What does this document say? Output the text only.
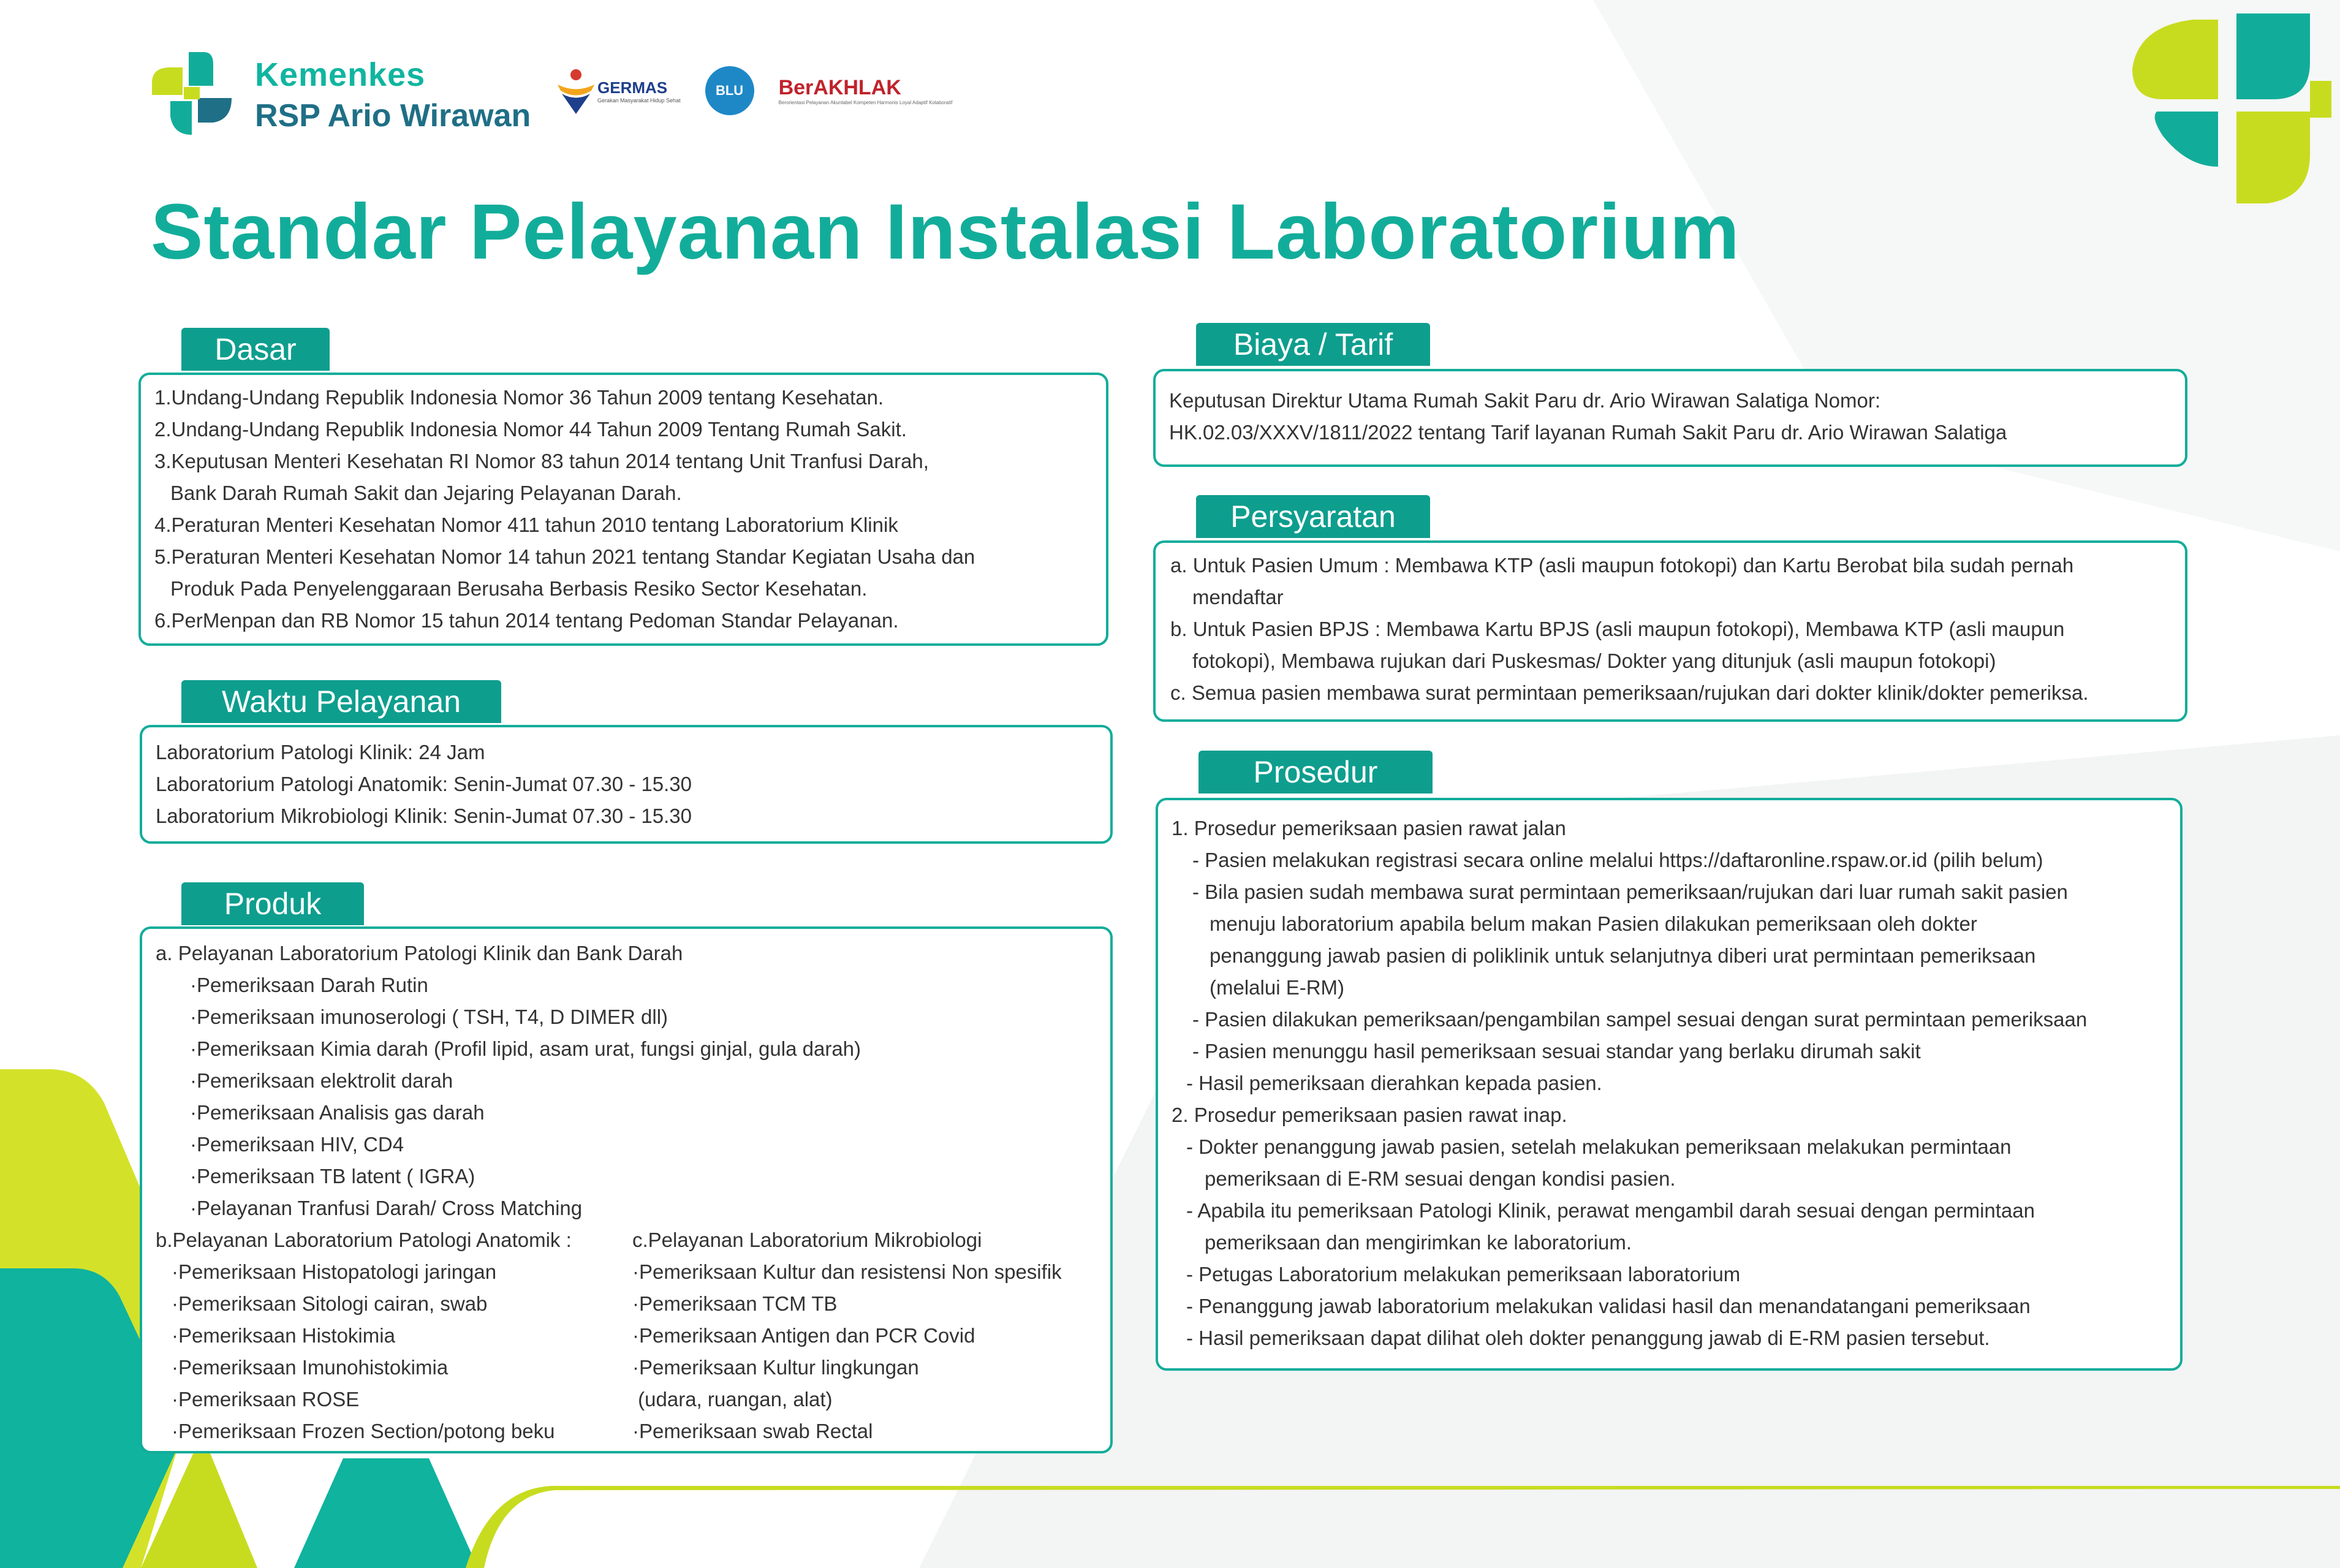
Kemenkes
RSP Ario Wirawan
GERMAS
Gerakan Masyarakat Hidup Sehat
BLU	BerAKHLAK
Berorientasi Pelayanan Akuntabel Kompeten Harmonis Loyal Adaptif Kolaboratif
Standar Pelayanan Instalasi Laboratorium
Dasar
1.Undang-Undang Republik Indonesia Nomor 36 Tahun 2009 tentang Kesehatan.
2.Undang-Undang Republik Indonesia Nomor 44 Tahun 2009 Tentang Rumah Sakit.
3.Keputusan Menteri Kesehatan RI Nomor 83 tahun 2014 tentang Unit Tranfusi Darah,
Bank Darah Rumah Sakit dan Jejaring Pelayanan Darah.
4.Peraturan Menteri Kesehatan Nomor 411 tahun 2010 tentang Laboratorium Klinik
5.Peraturan Menteri Kesehatan Nomor 14 tahun 2021 tentang Standar Kegiatan Usaha dan
Produk Pada Penyelenggaraan Berusaha Berbasis Resiko Sector Kesehatan.
6.PerMenpan dan RB Nomor 15 tahun 2014 tentang Pedoman Standar Pelayanan.
Waktu Pelayanan
Laboratorium Patologi Klinik: 24 Jam
Laboratorium Patologi Anatomik: Senin-Jumat 07.30 - 15.30
Laboratorium Mikrobiologi Klinik: Senin-Jumat 07.30 - 15.30
Produk
a. Pelayanan Laboratorium Patologi Klinik dan Bank Darah
·Pemeriksaan Darah Rutin
·Pemeriksaan imunoserologi ( TSH, T4, D DIMER dll)
·Pemeriksaan Kimia darah (Profil lipid, asam urat, fungsi ginjal, gula darah)
·Pemeriksaan elektrolit darah
·Pemeriksaan Analisis gas darah
·Pemeriksaan HIV, CD4
·Pemeriksaan TB latent ( IGRA)
·Pelayanan Tranfusi Darah/ Cross Matching
b.Pelayanan Laboratorium Patologi Anatomik :
·Pemeriksaan Histopatologi jaringan
·Pemeriksaan Sitologi cairan, swab
·Pemeriksaan Histokimia
·Pemeriksaan Imunohistokimia
·Pemeriksaan ROSE
·Pemeriksaan Frozen Section/potong beku
c.Pelayanan Laboratorium Mikrobiologi
·Pemeriksaan Kultur dan resistensi Non spesifik
·Pemeriksaan TCM TB
·Pemeriksaan Antigen dan PCR Covid
·Pemeriksaan Kultur lingkungan
(udara, ruangan, alat)
·Pemeriksaan swab Rectal
Biaya / Tarif
Keputusan Direktur Utama Rumah Sakit Paru dr. Ario Wirawan Salatiga Nomor:
HK.02.03/XXXV/1811/2022 tentang Tarif layanan Rumah Sakit Paru dr. Ario Wirawan Salatiga
Persyaratan
a. Untuk Pasien Umum : Membawa KTP (asli maupun fotokopi) dan Kartu Berobat bila sudah pernah
mendaftar
b. Untuk Pasien BPJS : Membawa Kartu BPJS (asli maupun fotokopi), Membawa KTP (asli maupun
fotokopi), Membawa rujukan dari Puskesmas/ Dokter yang ditunjuk (asli maupun fotokopi)
c. Semua pasien membawa surat permintaan pemeriksaan/rujukan dari dokter klinik/dokter pemeriksa.
Prosedur
1. Prosedur pemeriksaan pasien rawat jalan
- Pasien melakukan registrasi secara online melalui https://daftaronline.rspaw.or.id (pilih belum)
- Bila pasien sudah membawa surat permintaan pemeriksaan/rujukan dari luar rumah sakit pasien
menuju laboratorium apabila belum makan Pasien dilakukan pemeriksaan oleh dokter
penanggung jawab pasien di poliklinik untuk selanjutnya diberi urat permintaan pemeriksaan
(melalui E-RM)
- Pasien dilakukan pemeriksaan/pengambilan sampel sesuai dengan surat permintaan pemeriksaan
- Pasien menunggu hasil pemeriksaan sesuai standar yang berlaku dirumah sakit
- Hasil pemeriksaan dierahkan kepada pasien.
2. Prosedur pemeriksaan pasien rawat inap.
- Dokter penanggung jawab pasien, setelah melakukan pemeriksaan melakukan permintaan
pemeriksaan di E-RM sesuai dengan kondisi pasien.
- Apabila itu pemeriksaan Patologi Klinik, perawat mengambil darah sesuai dengan permintaan
pemeriksaan dan mengirimkan ke laboratorium.
- Petugas Laboratorium melakukan pemeriksaan laboratorium
- Penanggung jawab laboratorium melakukan validasi hasil dan menandatangani pemeriksaan
- Hasil pemeriksaan dapat dilihat oleh dokter penanggung jawab di E-RM pasien tersebut.
